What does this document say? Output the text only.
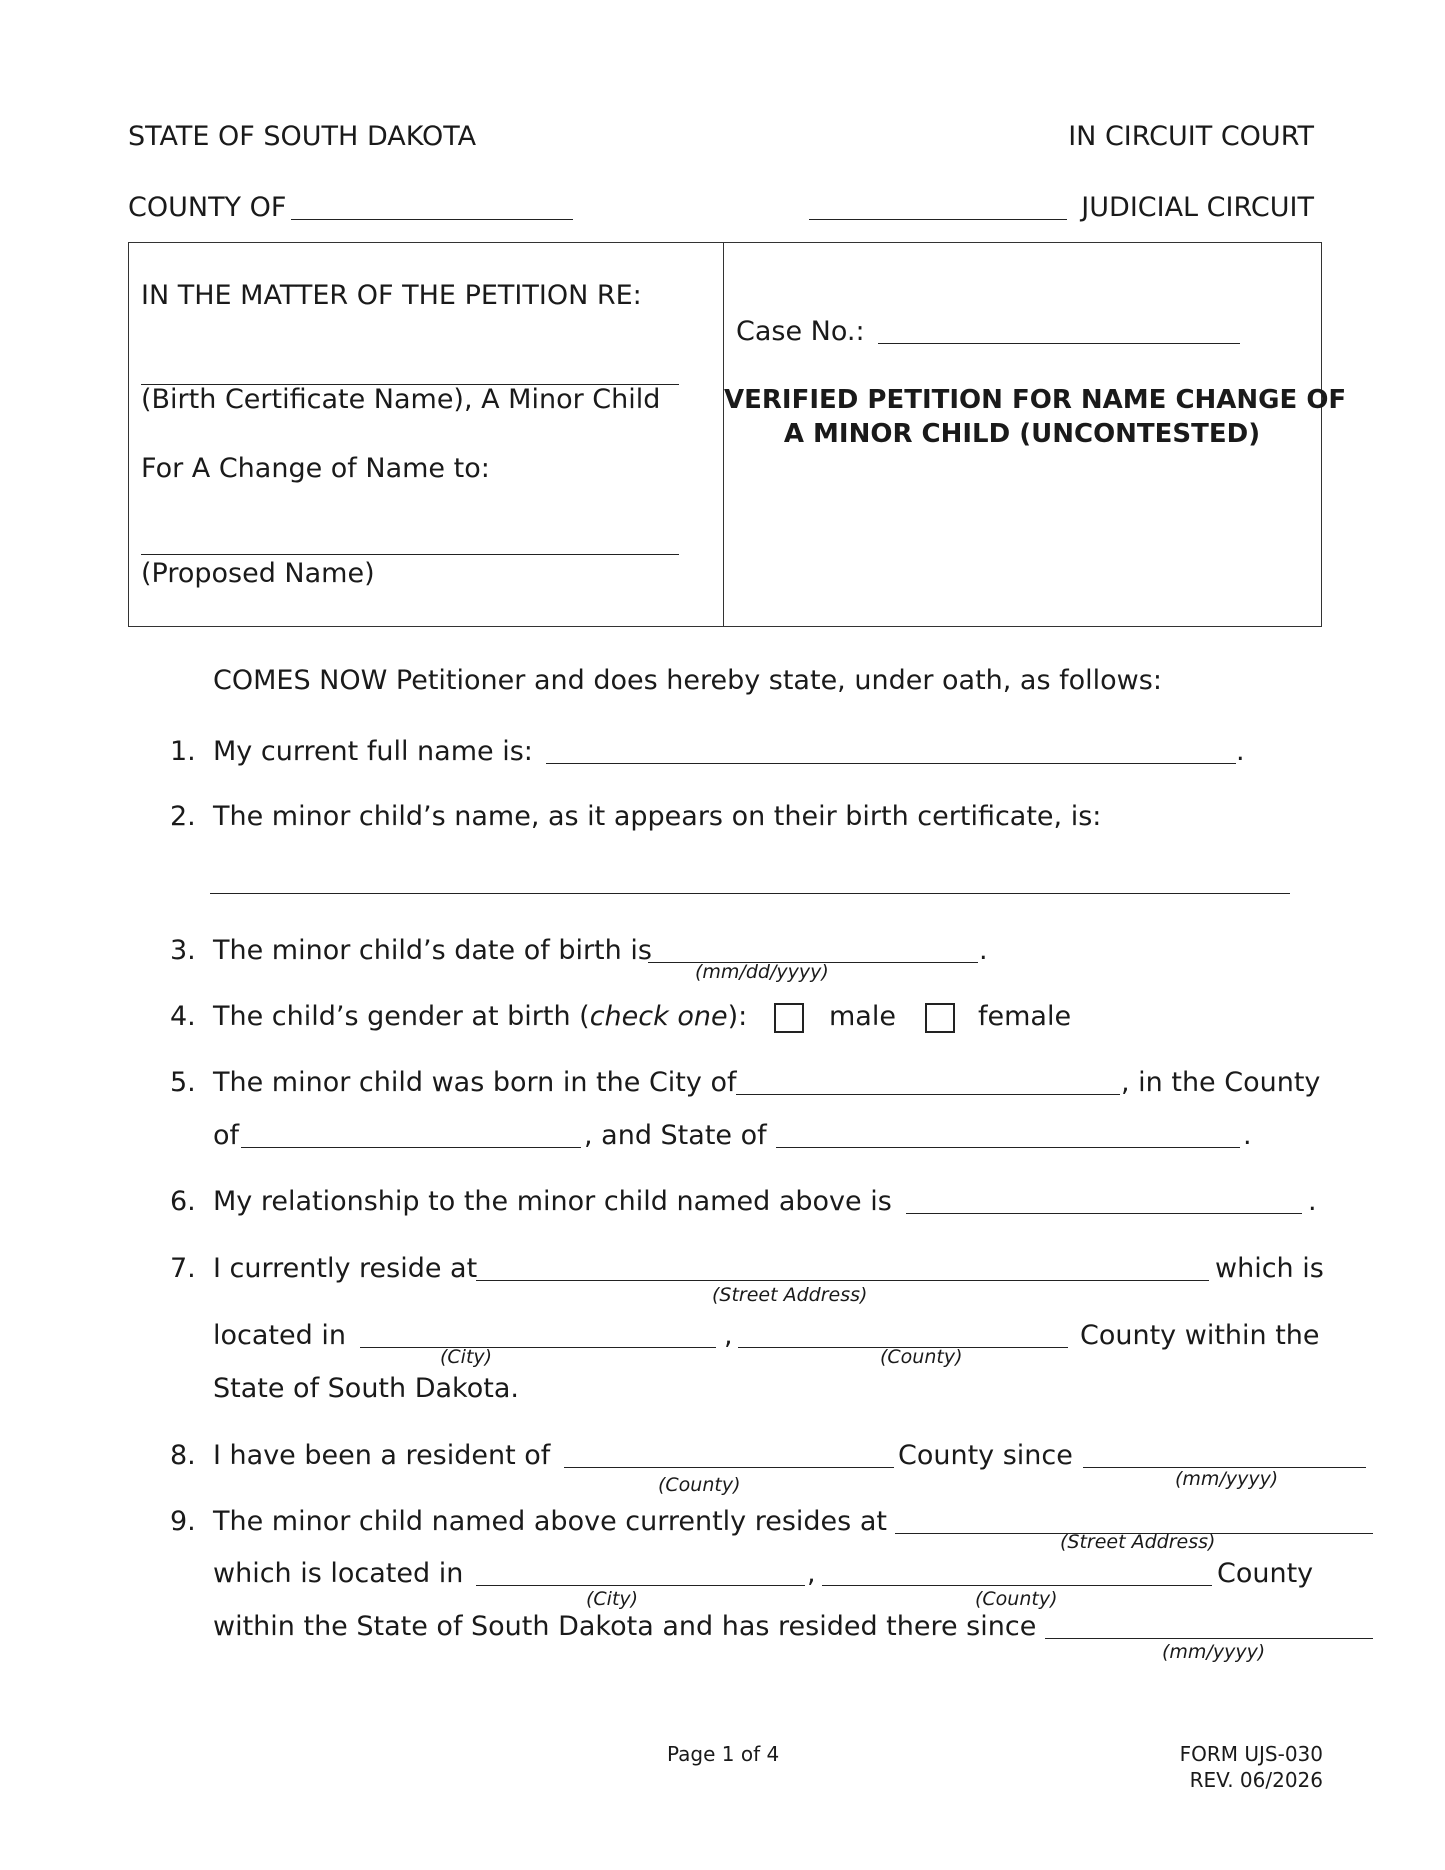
STATE OF SOUTH DAKOTA	IN CIRCUIT COURT
COUNTY OF	JUDICIAL CIRCUIT
IN THE MATTER OF THE PETITION RE:
(Birth Certificate Name), A Minor Child
For A Change of Name to:
(Proposed Name)
Case No.:
VERIFIED PETITION FOR NAME CHANGE OF
A MINOR CHILD (UNCONTESTED)
COMES NOW Petitioner and does hereby state, under oath, as follows:
1. My current full name is:	.
2. The minor child’s name, as it appears on their birth certificate, is:
3. The minor child’s date of birth is	.
(mm/dd/yyyy)
4. The child’s gender at birth (check one):	male	female
5. The minor child was born in the City of	, in the County
of	, and State of	.
6. My relationship to the minor child named above is	.
7. I currently reside at	which is
(Street Address)
located in	,	County within the
(City)	(County)
State of South Dakota.
8. I have been a resident of	County since
(County)	(mm/yyyy)
9. The minor child named above currently resides at
(Street Address)
which is located in	,	County
(City)	(County)
within the State of South Dakota and has resided there since
(mm/yyyy)
Page 1 of 4	FORM UJS-030
REV. 06/2026
